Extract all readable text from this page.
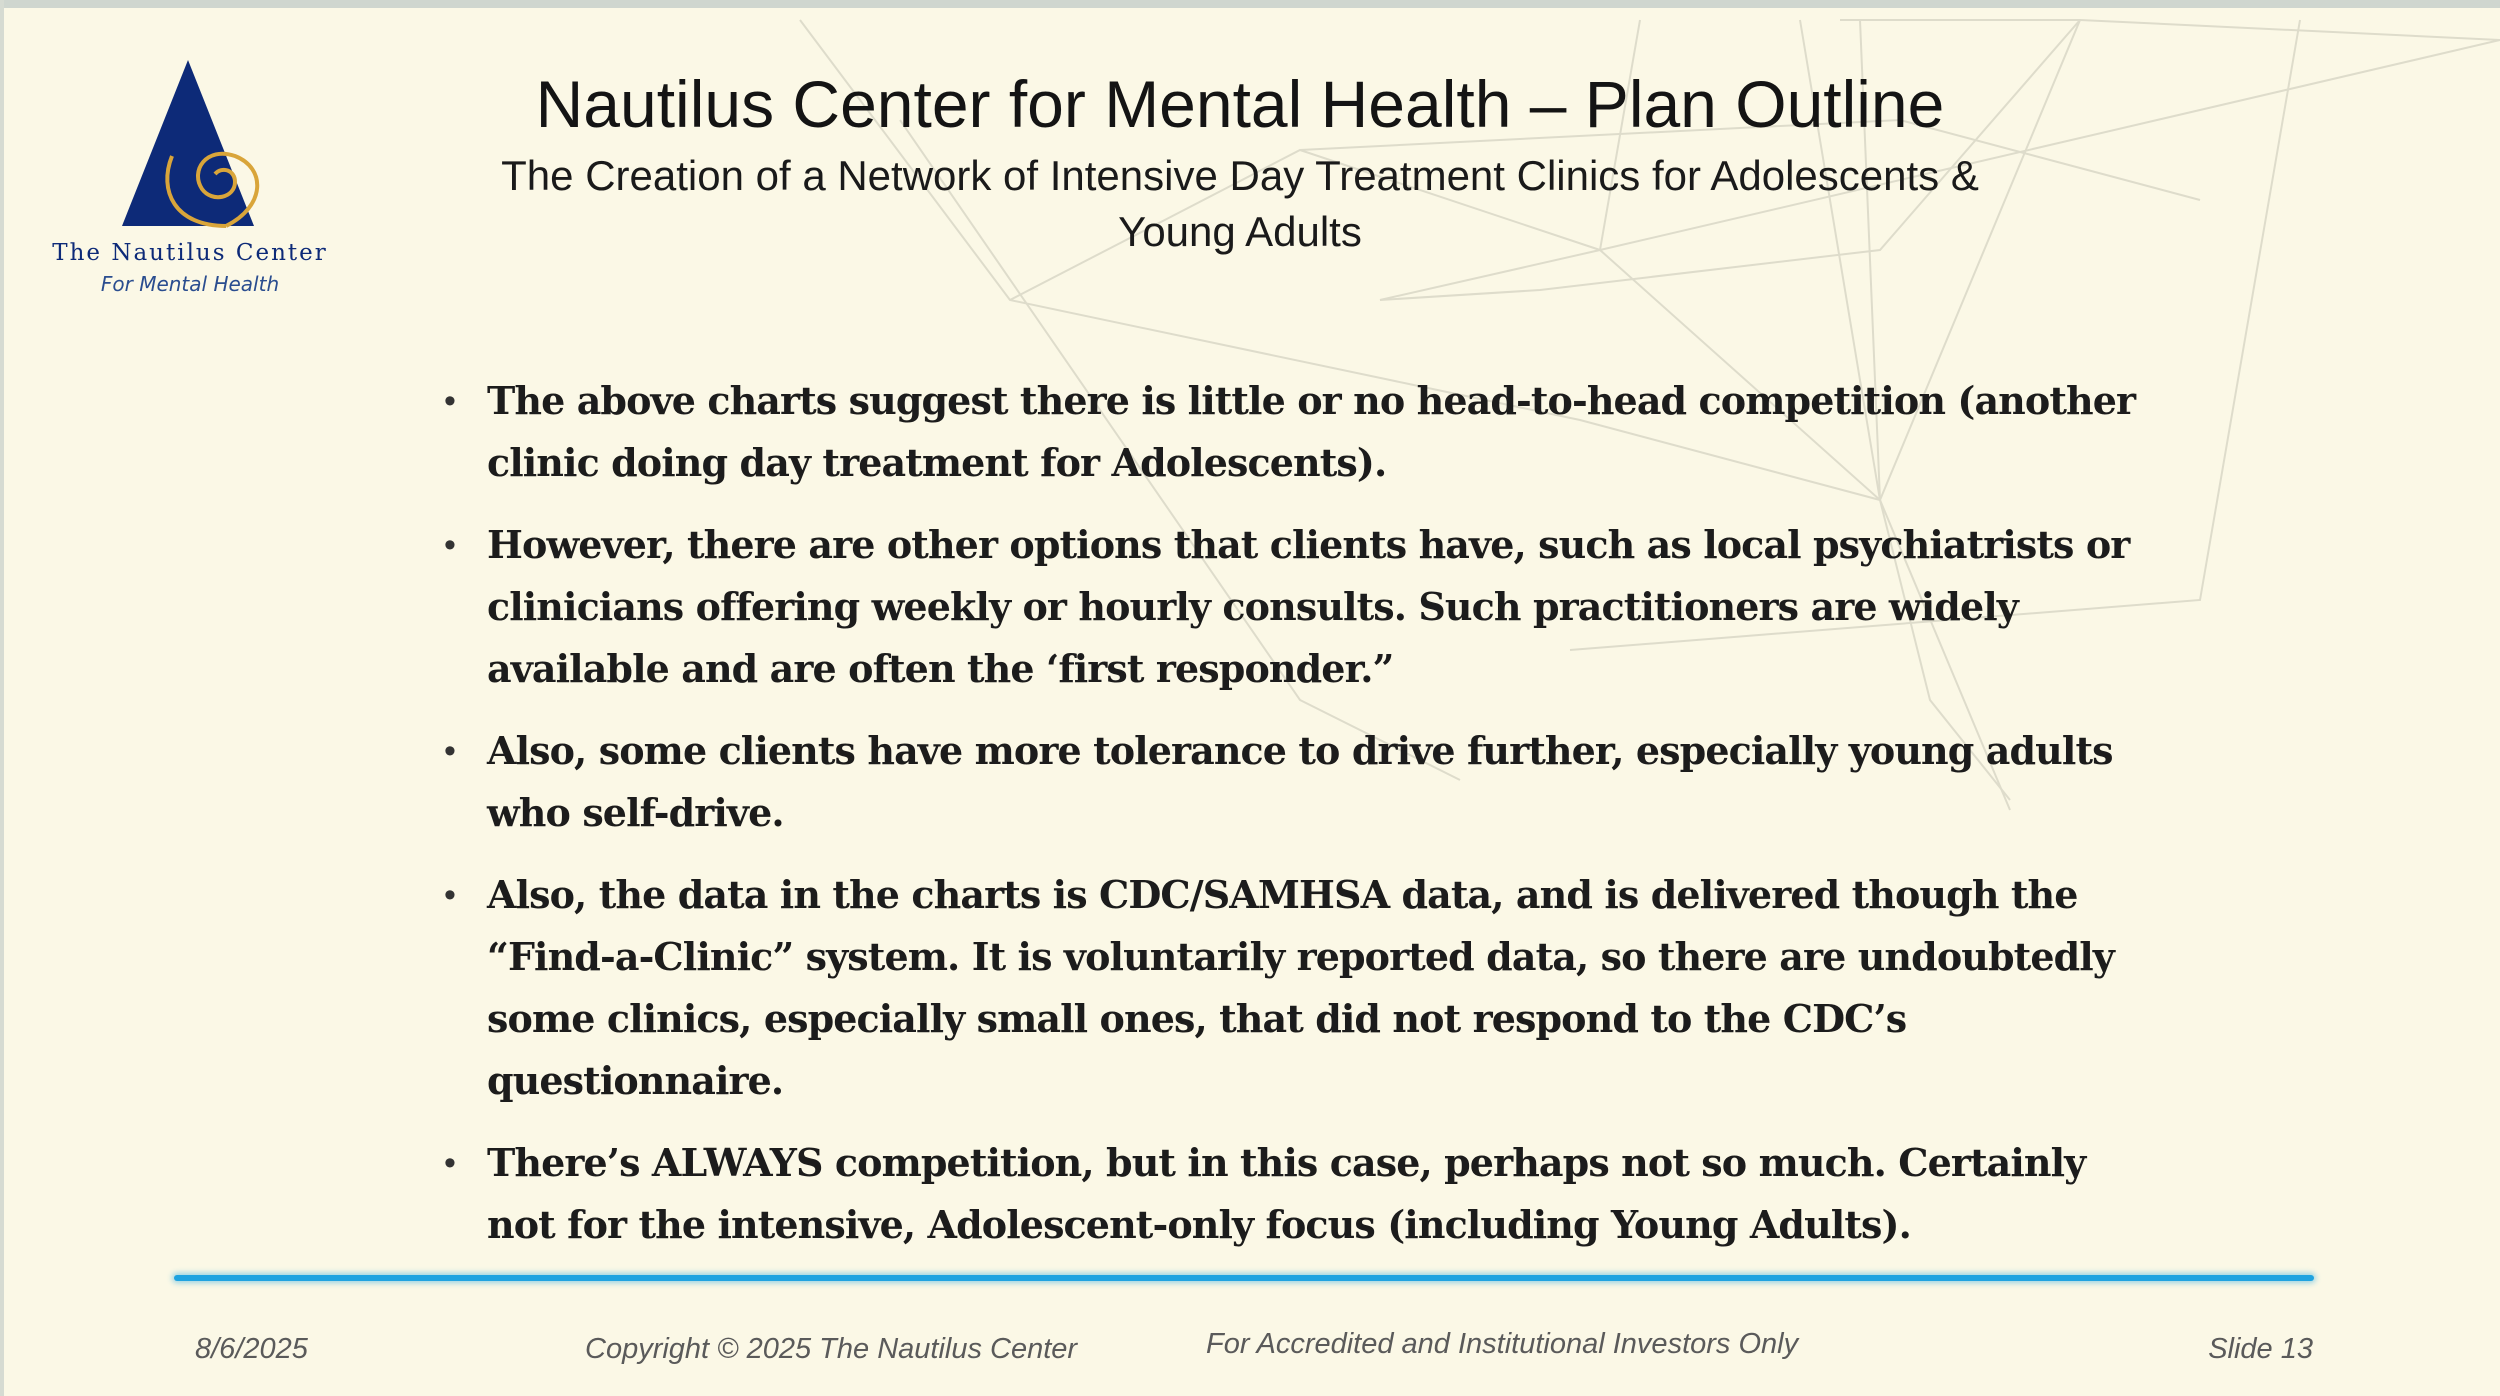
The Nautilus Center
For Mental Health
Nautilus Center for Mental Health – Plan Outline
The Creation of a Network of Intensive Day Treatment Clinics for Adolescents & Young Adults
• The above charts suggest there is little or no head-to-head competition (another clinic doing day treatment for Adolescents).
• However, there are other options that clients have, such as local psychiatrists or clinicians offering weekly or hourly consults. Such practitioners are widely available and are often the ‘first responder.”
• Also, some clients have more tolerance to drive further, especially young adults who self-drive.
• Also, the data in the charts is CDC/SAMHSA data, and is delivered though the “Find-a-Clinic” system. It is voluntarily reported data, so there are undoubtedly some clinics, especially small ones, that did not respond to the CDC’s questionnaire.
• There’s ALWAYS competition, but in this case, perhaps not so much. Certainly not for the intensive, Adolescent-only focus (including Young Adults).
8/6/2025	Copyright © 2025 The Nautilus Center	For Accredited and Institutional Investors Only	Slide 13
